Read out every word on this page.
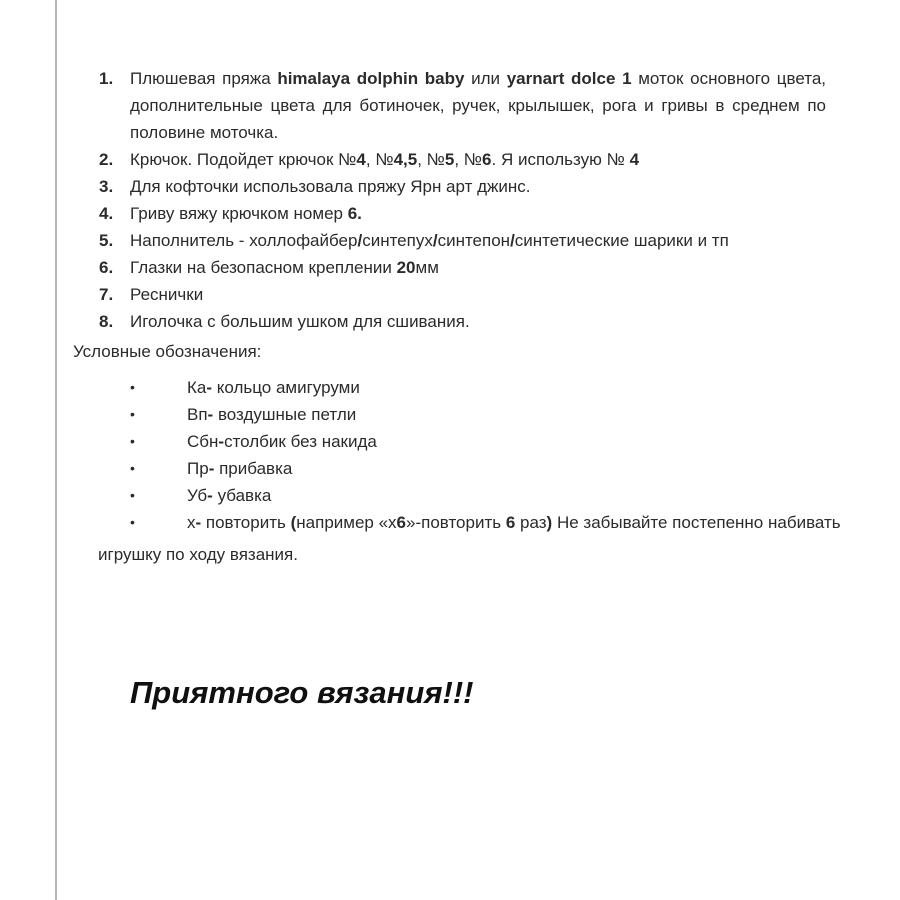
1. Плюшевая пряжа himalaya dolphin baby или yarnart dolce 1 моток основного цвета, дополнительные цвета для ботиночек, ручек, крылышек, рога и гривы в среднем по половине моточка.
2. Крючок. Подойдет крючок №4, №4,5, №5, №6. Я использую № 4
3. Для кофточки использовала пряжу Ярн арт джинс.
4. Гриву вяжу крючком номер 6.
5. Наполнитель - холлофайбер/синтепух/синтепон/синтетические шарики и тп
6. Глазки на безопасном креплении 20мм
7. Реснички
8. Иголочка с большим ушком для сшивания.

Условные обозначения:

•	Ка- кольцо амигуруми
•	Вп- воздушные петли
•	Сбн-столбик без накида
•	Пр- прибавка
•	Уб- убавка
•	х- повторить (например «х6»-повторить 6 раз) Не забывайте постепенно набивать

игрушку по ходу вязания.

Приятного вязания!!!
